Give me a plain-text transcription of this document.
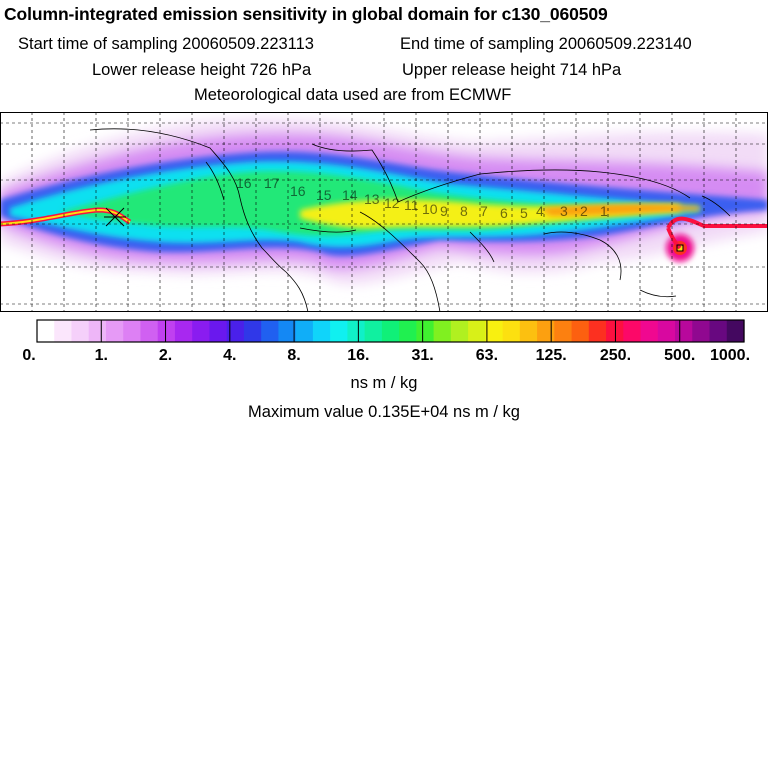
Column-integrated emission sensitivity in global domain for c130_060509
Start time of sampling 20060509.223113	End time of sampling 20060509.223140
Lower release height 726 hPa	Upper release height 714 hPa
Meteorological data used are from ECMWF
16 17 16 15 14 13 12 11 10 9 8 7 6 5 4 3 2 1
0.	1.	2.	4.	8.	16.	31.	63. 125. 250. 500. 1000.
ns m / kg
Maximum value 0.135E+04 ns m / kg
